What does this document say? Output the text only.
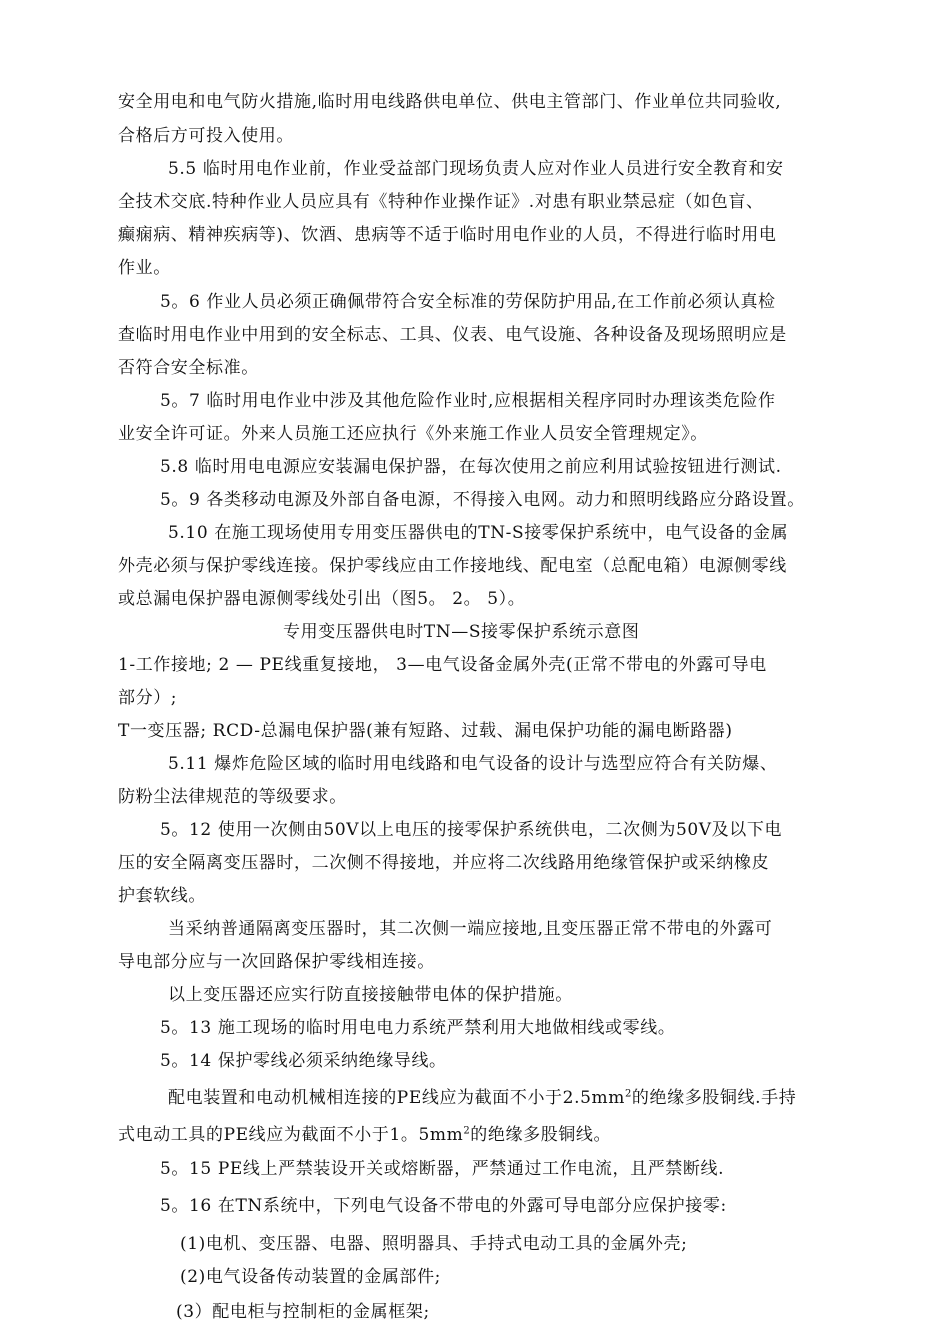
安全用电和电气防火措施,临时用电线路供电单位、供电主管部门、作业单位共同验收,
合格后方可投入使用。
5.5 临时用电作业前，作业受益部门现场负责人应对作业人员进行安全教育和安
全技术交底.特种作业人员应具有《特种作业操作证》.对患有职业禁忌症（如色盲、
癫痫病、精神疾病等)、饮酒、患病等不适于临时用电作业的人员，不得进行临时用电
作业。
5。6 作业人员必须正确佩带符合安全标准的劳保防护用品,在工作前必须认真检
查临时用电作业中用到的安全标志、工具、仪表、电气设施、各种设备及现场照明应是
否符合安全标准。
5。7 临时用电作业中涉及其他危险作业时,应根据相关程序同时办理该类危险作
业安全许可证。外来人员施工还应执行《外来施工作业人员安全管理规定》。
5.8 临时用电电源应安装漏电保护器，在每次使用之前应利用试验按钮进行测试.
5。9 各类移动电源及外部自备电源，不得接入电网。动力和照明线路应分路设置。
5.10 在施工现场使用专用变压器供电的TN-S接零保护系统中，电气设备的金属
外壳必须与保护零线连接。保护零线应由工作接地线、配电室（总配电箱）电源侧零线
或总漏电保护器电源侧零线处引出（图5。 2。 5）。
专用变压器供电时TN—S接零保护系统示意图
1-工作接地; 2 — PE线重复接地， 3—电气设备金属外壳(正常不带电的外露可导电
部分）;
T一变压器; RCD-总漏电保护器(兼有短路、过载、漏电保护功能的漏电断路器)
5.11 爆炸危险区域的临时用电线路和电气设备的设计与选型应符合有关防爆、
防粉尘法律规范的等级要求。
5。12 使用一次侧由50V以上电压的接零保护系统供电，二次侧为50V及以下电
压的安全隔离变压器时，二次侧不得接地，并应将二次线路用绝缘管保护或采纳橡皮
护套软线。
当采纳普通隔离变压器时，其二次侧一端应接地,且变压器正常不带电的外露可
导电部分应与一次回路保护零线相连接。
以上变压器还应实行防直接接触带电体的保护措施。
5。13 施工现场的临时用电电力系统严禁利用大地做相线或零线。
5。14 保护零线必须采纳绝缘导线。
配电装置和电动机械相连接的PE线应为截面不小于$2.5mm^2$的绝缘多股铜线.手持
式电动工具的PE线应为截面不小于1。$5mm^2$的绝缘多股铜线。
5。15 PE线上严禁装设开关或熔断器，严禁通过工作电流，且严禁断线.
5。16 在TN系统中，下列电气设备不带电的外露可导电部分应保护接零:
(1)电机、变压器、电器、照明器具、手持式电动工具的金属外壳;
(2)电气设备传动装置的金属部件;
(3）配电柜与控制柜的金属框架;
